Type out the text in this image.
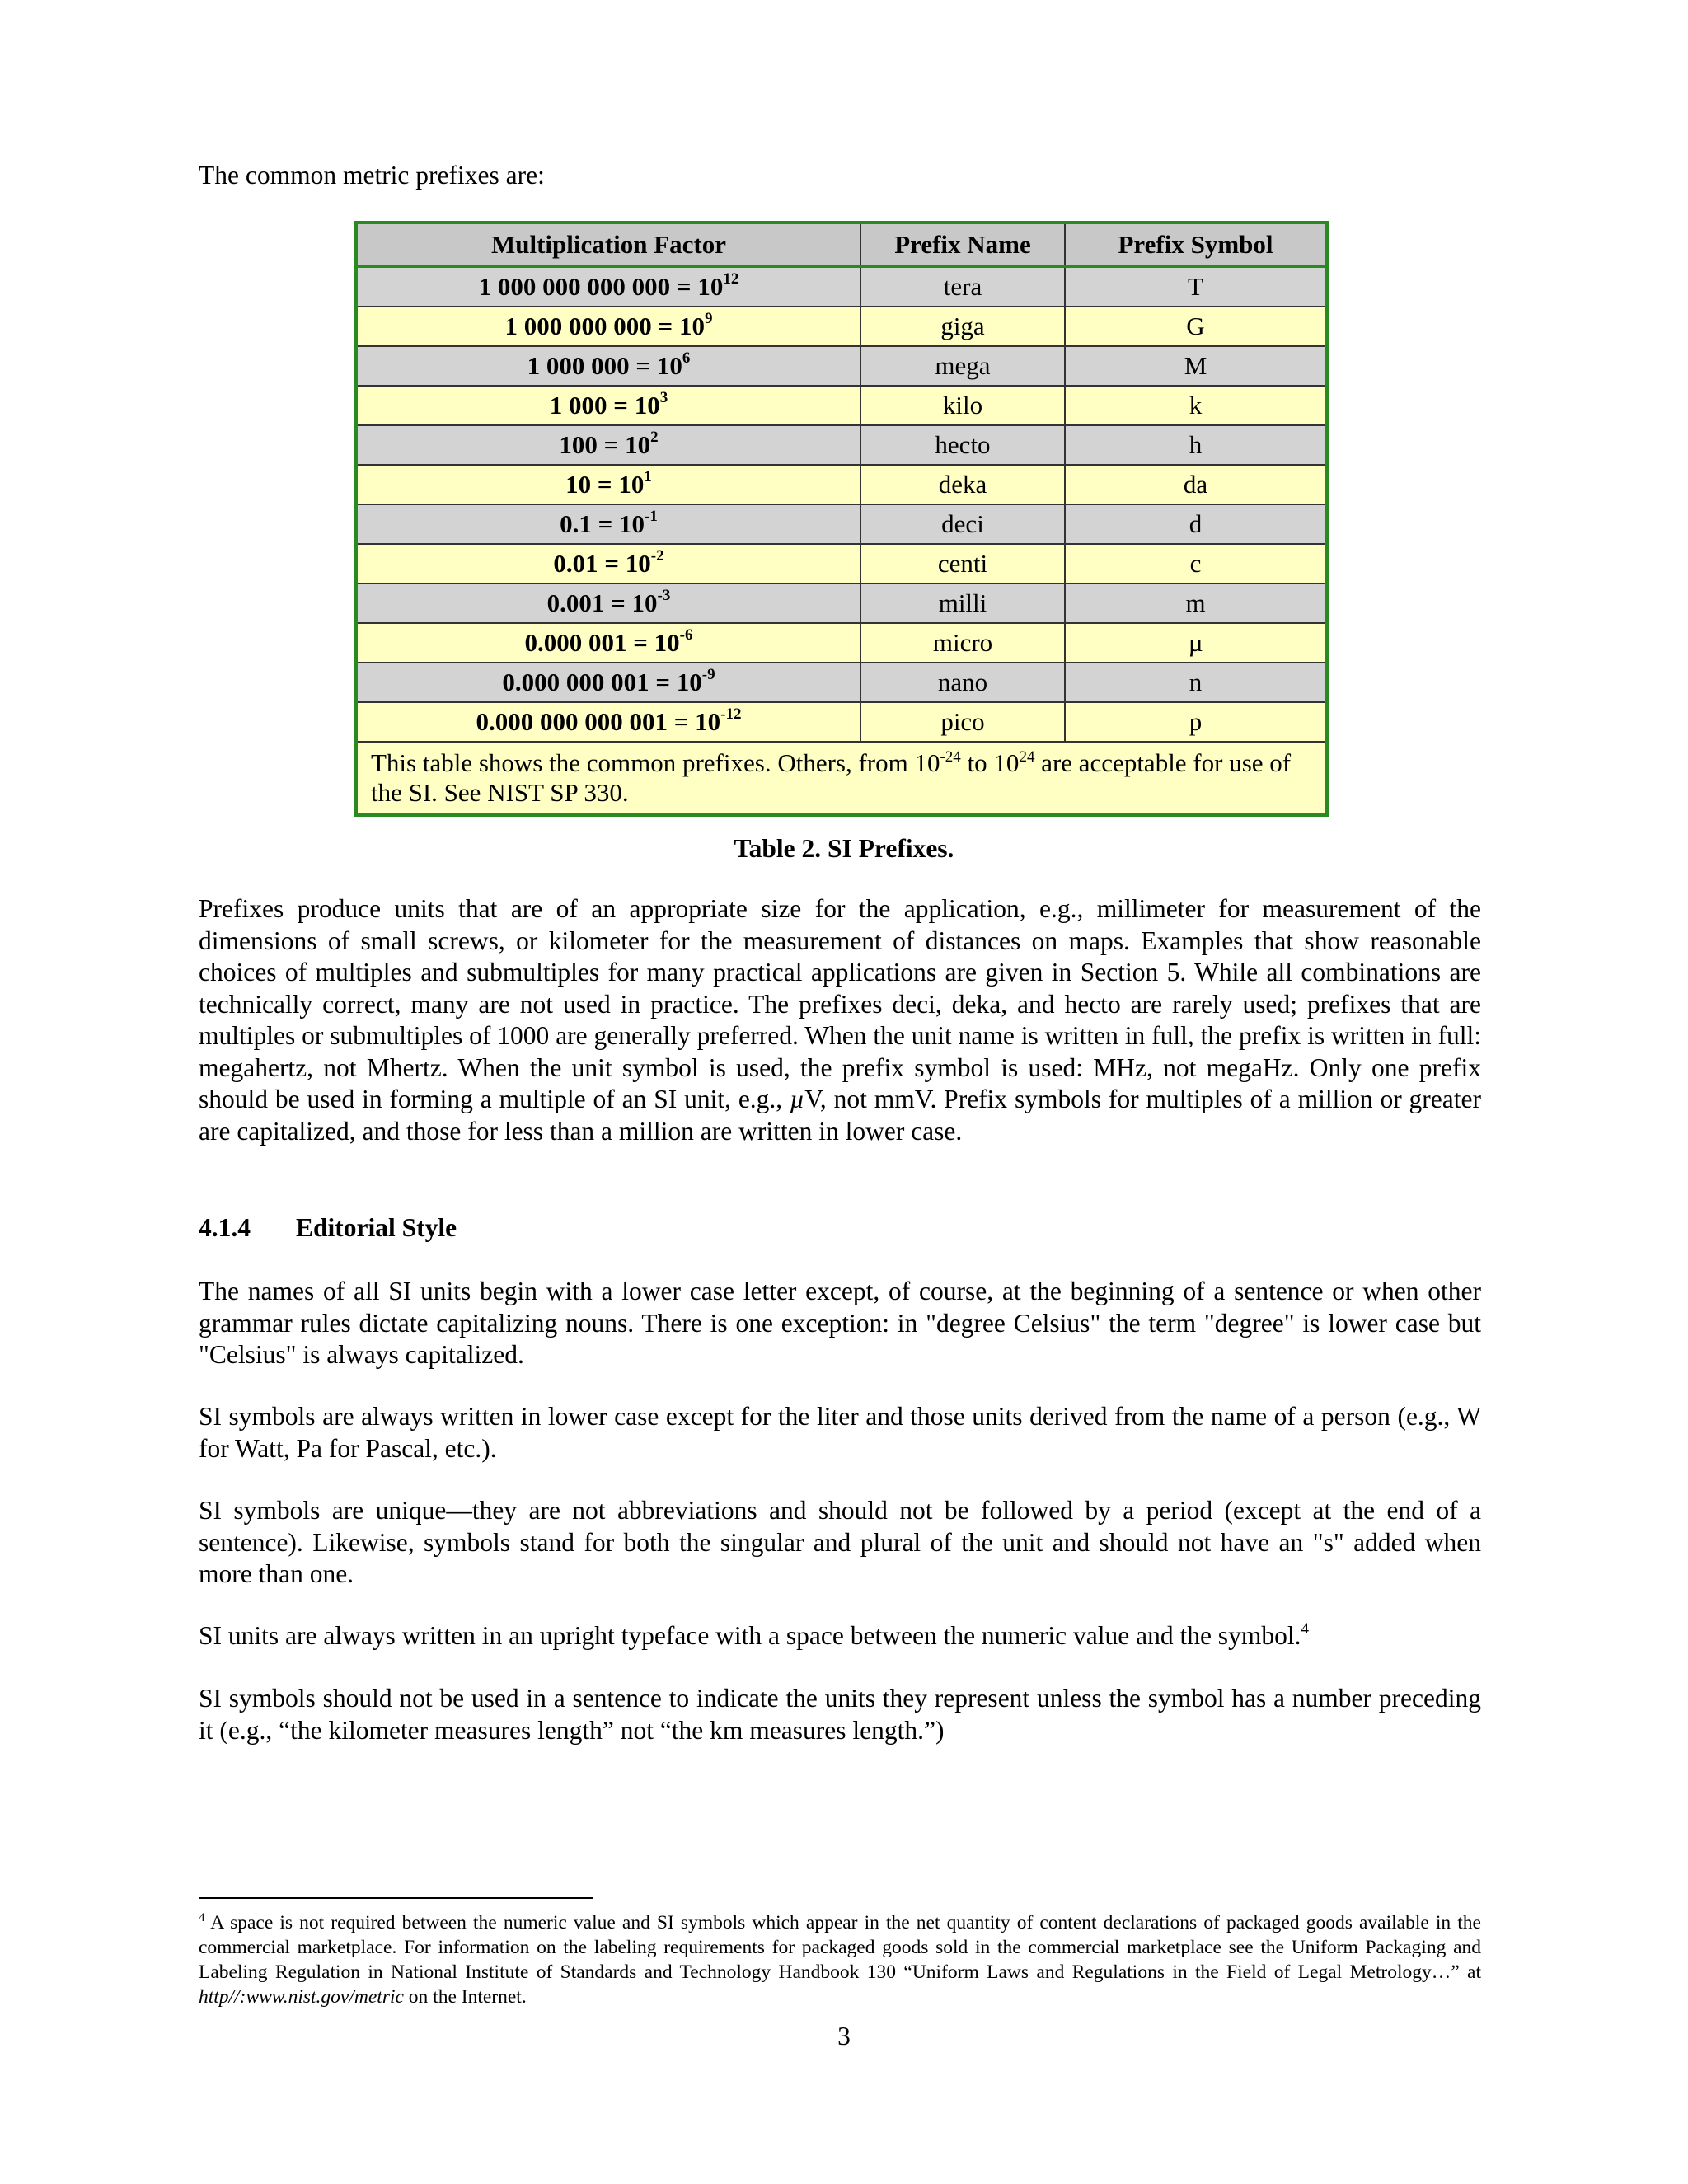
The common metric prefixes are:
Multiplication Factor	Prefix Name	Prefix Symbol
1 000 000 000 $000 = 10^{12}$	tera	T
1 000 000 $000 = 10^9$	giga	G
1 000 $000 = 10^6$	mega	M
1 $000 = 10^3$	kilo	k
$100 = 10^2$	hecto	h
$10 = 10^1$	deka	da
$0.1 = 10^{-1}$	deci	d
$0.01 = 10^{-2}$	centi	c
$0.001 = 10^{-3}$	milli	m
0.000 $001 = 10^{-6}$	micro	µ
0.000 000 $001 = 10^{-9}$	nano	n
0.000 000 000 $001 = 10^{-12}$	pico	p
This table shows the common prefixes. Others, from $10^{-24}$ to $10^{24}$ are acceptable for use of the SI. See NIST SP 330.		
Table 2. SI Prefixes.
Prefixes produce units that are of an appropriate size for the application, e.g., millimeter for measurement of the dimensions of small screws, or kilometer for the measurement of distances on maps. Examples that show reasonable choices of multiples and submultiples for many practical applications are given in Section 5. While all combinations are technically correct, many are not used in practice. The prefixes deci, deka, and hecto are rarely used; prefixes that are multiples or submultiples of 1000 are generally preferred. When the unit name is written in full, the prefix is written in full: megahertz, not Mhertz. When the unit symbol is used, the prefix symbol is used: MHz, not megaHz. Only one prefix should be used in forming a multiple of an SI unit, e.g., µV, not mmV. Prefix symbols for multiples of a million or greater are capitalized, and those for less than a million are written in lower case.
4.1.4 Editorial Style
The names of all SI units begin with a lower case letter except, of course, at the beginning of a sentence or when other grammar rules dictate capitalizing nouns. There is one exception: in "degree Celsius" the term "degree" is lower case but "Celsius" is always capitalized.
SI symbols are always written in lower case except for the liter and those units derived from the name of a person (e.g., W for Watt, Pa for Pascal, etc.).
SI symbols are unique—they are not abbreviations and should not be followed by a period (except at the end of a sentence). Likewise, symbols stand for both the singular and plural of the unit and should not have an "s" added when more than one.
SI units are always written in an upright typeface with a space between the numeric value and the symbol.$^4$
SI symbols should not be used in a sentence to indicate the units they represent unless the symbol has a number preceding it (e.g., “the kilometer measures length” not “the km measures length.”)
$^4$ A space is not required between the numeric value and SI symbols which appear in the net quantity of content declarations of packaged goods available in the commercial marketplace. For information on the labeling requirements for packaged goods sold in the commercial marketplace see the Uniform Packaging and Labeling Regulation in National Institute of Standards and Technology Handbook 130 “Uniform Laws and Regulations in the Field of Legal Metrology…” at http//:www.nist.gov/metric on the Internet.
3
